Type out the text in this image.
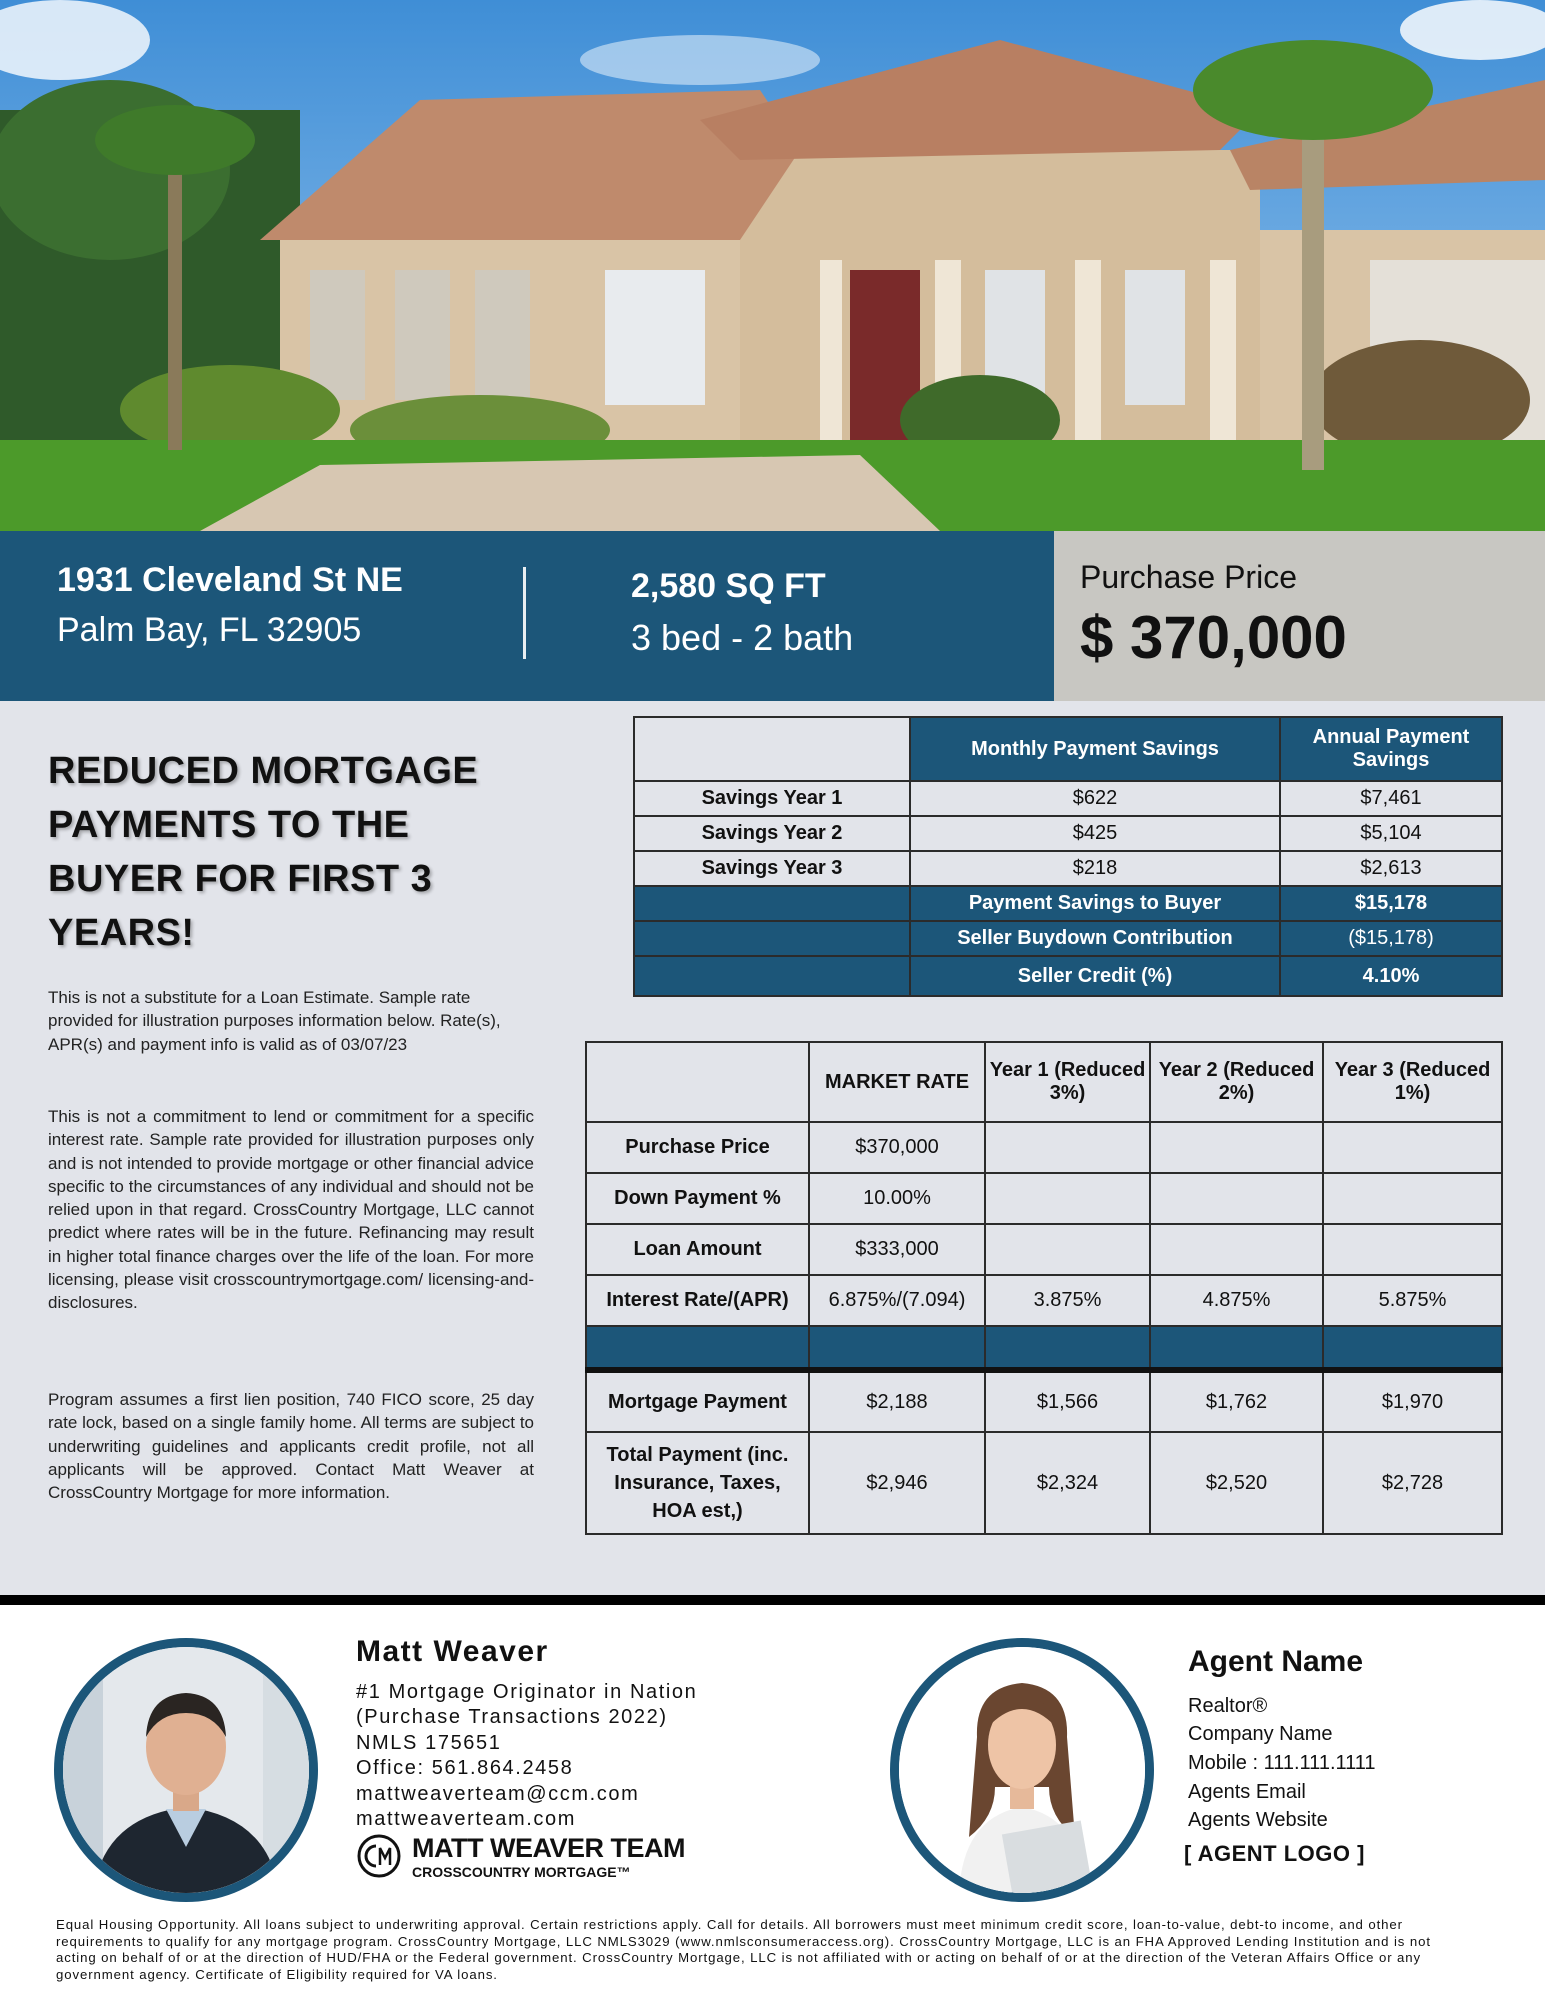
1931 Cleveland St NE
Palm Bay, FL 32905
2,580 SQ FT
3 bed - 2 bath
Purchase Price
$ 370,000
REDUCED MORTGAGE PAYMENTS TO THE BUYER FOR FIRST 3 YEARS!
This is not a substitute for a Loan Estimate. Sample rate provided for illustration purposes information below. Rate(s), APR(s) and payment info is valid as of 03/07/23
This is not a commitment to lend or commitment for a specific interest rate. Sample rate provided for illustration purposes only and is not intended to provide mortgage or other financial advice specific to the circumstances of any individual and should not be relied upon in that regard. CrossCountry Mortgage, LLC cannot predict where rates will be in the future. Refinancing may result in higher total finance charges over the life of the loan. For more licensing, please visit crosscountrymortgage.com/ licensing-and-disclosures.
Program assumes a first lien position, 740 FICO score, 25 day rate lock, based on a single family home. All terms are subject to underwriting guidelines and applicants credit profile, not all applicants will be approved. Contact Matt Weaver at CrossCountry Mortgage for more information.
	Monthly Payment Savings	Annual Payment Savings
Savings Year 1	$622	$7,461
Savings Year 2	$425	$5,104
Savings Year 3	$218	$2,613
	Payment Savings to Buyer	$15,178
	Seller Buydown Contribution	($15,178)
	Seller Credit (%)	4.10%
	MARKET RATE	Year 1 (Reduced 3%)	Year 2 (Reduced 2%)	Year 3 (Reduced 1%)
Purchase Price	$370,000			
Down Payment %	10.00%			
Loan Amount	$333,000			
Interest Rate/(APR)	6.875%/(7.094)	3.875%	4.875%	5.875%

Mortgage Payment	$2,188	$1,566	$1,762	$1,970
Total Payment (inc. Insurance, Taxes, HOA est,)	$2,946	$2,324	$2,520	$2,728
Matt Weaver
#1 Mortgage Originator in Nation
(Purchase Transactions 2022)
NMLS 175651
Office: 561.864.2458
mattweaverteam@ccm.com
mattweaverteam.com
MATT WEAVER TEAM
CROSSCOUNTRY MORTGAGE™
Agent Name
Realtor®
Company Name
Mobile : 111.111.1111
Agents Email
Agents Website
[ AGENT LOGO ]
Equal Housing Opportunity. All loans subject to underwriting approval. Certain restrictions apply. Call for details. All borrowers must meet minimum credit score, loan-to-value, debt-to income, and other requirements to qualify for any mortgage program. CrossCountry Mortgage, LLC NMLS3029 (www.nmlsconsumeraccess.org). CrossCountry Mortgage, LLC is an FHA Approved Lending Institution and is not acting on behalf of or at the direction of HUD/FHA or the Federal government. CrossCountry Mortgage, LLC is not affiliated with or acting on behalf of or at the direction of the Veteran Affairs Office or any government agency. Certificate of Eligibility required for VA loans.
